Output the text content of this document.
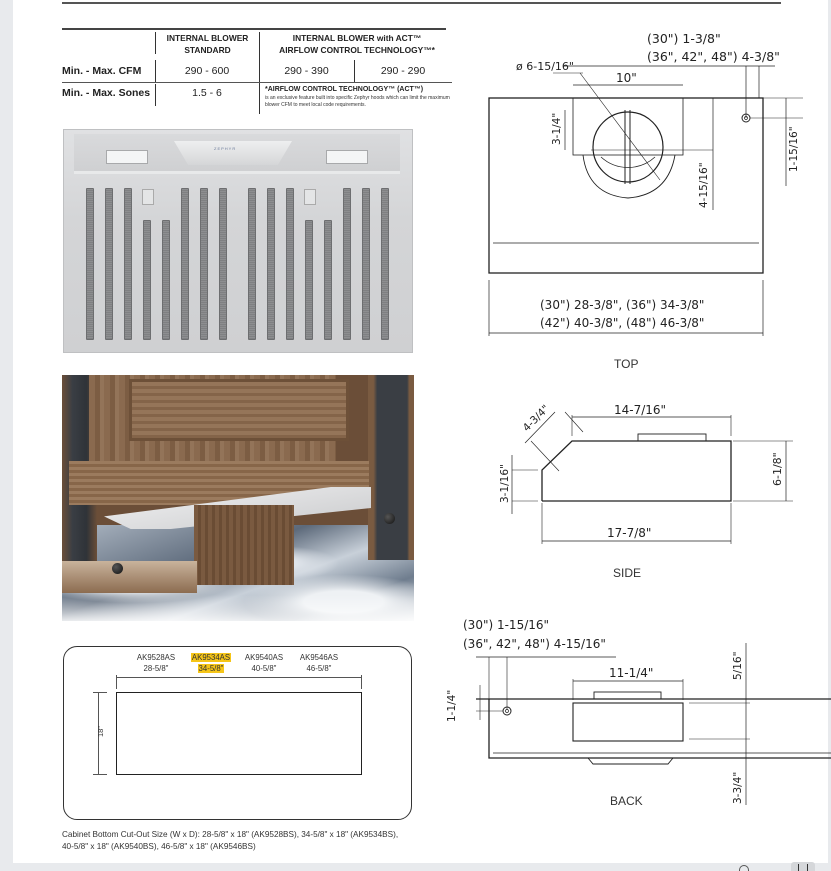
INTERNAL BLOWER
STANDARD
INTERNAL BLOWER with ACT™
AIRFLOW CONTROL TECHNOLOGY™*
Min. - Max. CFM	290 - 600	290 - 390	290 - 290
Min. - Max. Sones	1.5 - 6	*AIRFLOW CONTROL TECHNOLOGY™ (ACT™)
is an exclusive feature built into specific Zephyr hoods which can limit the maximum blower CFM to meet local code requirements.
ZEPHYR
AK9528AS
28-5/8"
AK9534AS
34-5/8"
AK9540AS
40-5/8"
AK9546AS
46-5/8"
18"
Cabinet Bottom Cut-Out Size (W x D): 28-5/8" x 18" (AK9528BS), 34-5/8" x 18" (AK9534BS),
40-5/8" x 18" (AK9540BS), 46-5/8" x 18" (AK9546BS)
(30") 1-3/8"
(36", 42", 48") 4-3/8"
ø 6-15/16"
10"
3-1/4"
4-15/16"
1-15/16"
(30") 28-3/8", (36") 34-3/8"
(42") 40-3/8", (48") 46-3/8"
14-7/16"
4-3/4"
3-1/16"	6-1/8"
17-7/8"
(30") 1-15/16"
(36", 42", 48") 4-15/16"
11-1/4"
1-1/4"
5/16"
3-3/4"
TOP
SIDE
BACK
